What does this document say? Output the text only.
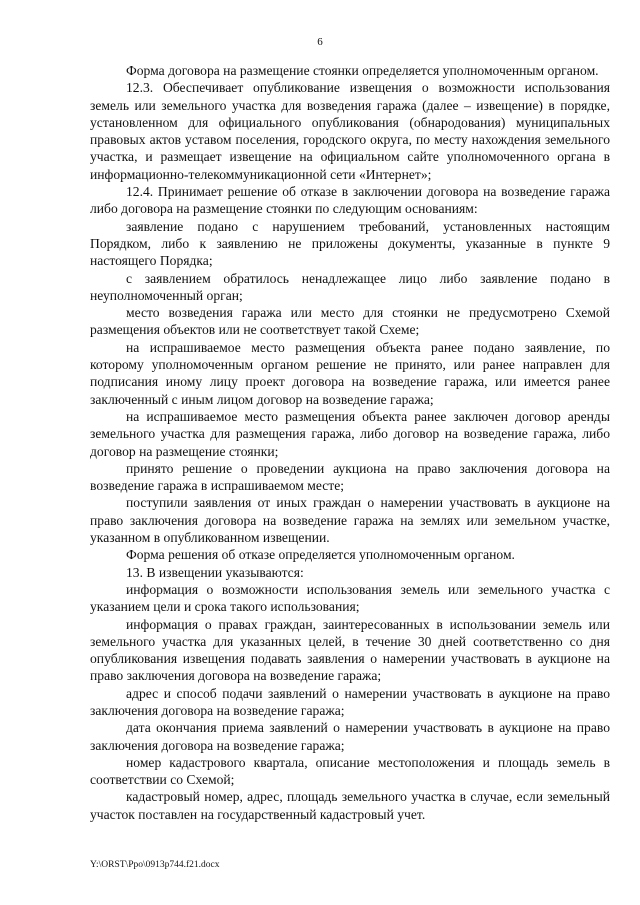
6

Форма договора на размещение стоянки определяется уполномоченным органом.

12.3. Обеспечивает опубликование извещения о возможности использования земель или земельного участка для возведения гаража (далее – извещение) в порядке, установленном для официального опубликования (обнародования) муниципальных правовых актов уставом поселения, городского округа, по месту нахождения земельного участка, и размещает извещение на официальном сайте уполномоченного органа в информационно-телекоммуникационной сети «Интернет»;

12.4. Принимает решение об отказе в заключении договора на возведение гаража либо договора на размещение стоянки по следующим основаниям:

заявление подано с нарушением требований, установленных настоящим Порядком, либо к заявлению не приложены документы, указанные в пункте 9 настоящего Порядка;

с заявлением обратилось ненадлежащее лицо либо заявление подано в неуполномоченный орган;

место возведения гаража или место для стоянки не предусмотрено Схемой размещения объектов или не соответствует такой Схеме;

на испрашиваемое место размещения объекта ранее подано заявление, по которому уполномоченным органом решение не принято, или ранее направлен для подписания иному лицу проект договора на возведение гаража, или имеется ранее заключенный с иным лицом договор на возведение гаража;

на испрашиваемое место размещения объекта ранее заключен договор аренды земельного участка для размещения гаража, либо договор на возведение гаража, либо договор на размещение стоянки;

принято решение о проведении аукциона на право заключения договора на возведение гаража в испрашиваемом месте;

поступили заявления от иных граждан о намерении участвовать в аукционе на право заключения договора на возведение гаража на землях или земельном участке, указанном в опубликованном извещении.

Форма решения об отказе определяется уполномоченным органом.

13. В извещении указываются:

информация о возможности использования земель или земельного участка с указанием цели и срока такого использования;

информация о правах граждан, заинтересованных в использовании земель или земельного участка для указанных целей, в течение 30 дней соответственно со дня опубликования извещения подавать заявления о намерении участвовать в аукционе на право заключения договора на возведение гаража;

адрес и способ подачи заявлений о намерении участвовать в аукционе на право заключения договора на возведение гаража;

дата окончания приема заявлений о намерении участвовать в аукционе на право заключения договора на возведение гаража;

номер кадастрового квартала, описание местоположения и площадь земель в соответствии со Схемой;

кадастровый номер, адрес, площадь земельного участка в случае, если земельный участок поставлен на государственный кадастровый учет.

Y:\ORST\Ppo\0913p744.f21.docx
